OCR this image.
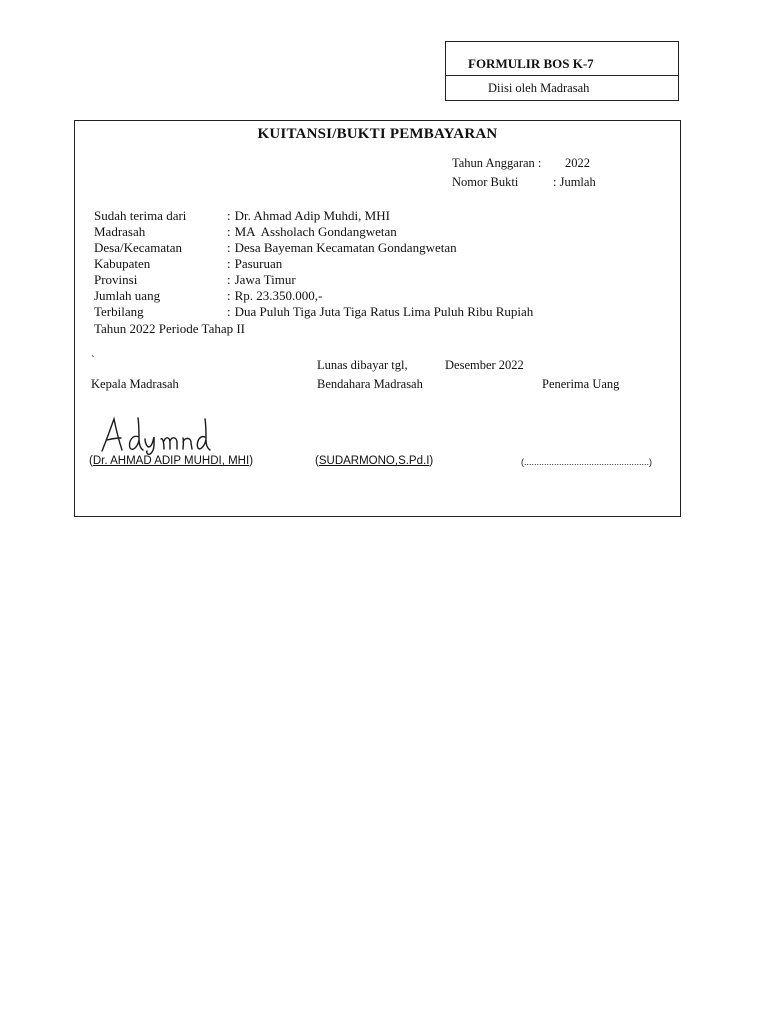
FORMULIR BOS K-7
Diisi oleh Madrasah
KUITANSI/BUKTI PEMBAYARAN
Tahun Anggaran : 2022
Nomor Bukti	: Jumlah
Sudah terima dari	: Dr. Ahmad Adip Muhdi, MHI
Madrasah	: MA  Assholach Gondangwetan
Desa/Kecamatan	: Desa Bayeman Kecamatan Gondangwetan
Kabupaten	: Pasuruan
Provinsi	: Jawa Timur
Jumlah uang	: Rp. 23.350.000,-
Terbilang	: Dua Puluh Tiga Juta Tiga Ratus Lima Puluh Ribu Rupiah
Tahun 2022 Periode Tahap II
`	Lunas dibayar tgl,	Desember 2022
Kepala Madrasah	Bendahara Madrasah	Penerima Uang
(Dr. AHMAD ADIP MUHDI, MHI)	(SUDARMONO,S.Pd.I)	(..................................................)
